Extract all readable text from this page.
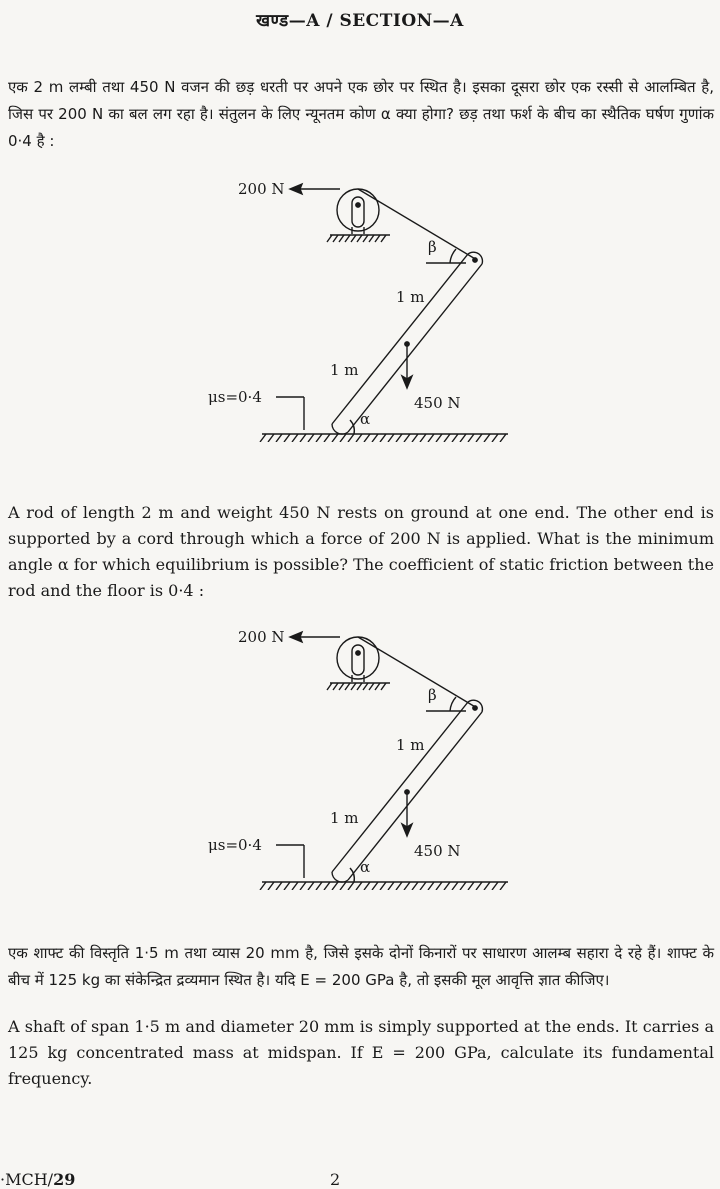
खण्ड—A / SECTION—A
एक 2 m लम्बी तथा 450 N वजन की छड़ धरती पर अपने एक छोर पर स्थित है। इसका दूसरा छोर एक रस्सी से आलम्बित है, जिस पर 200 N का बल लग रहा है। संतुलन के लिए न्यूनतम कोण α क्या होगा? छड़ तथा फर्श के बीच का स्थैतिक घर्षण गुणांक 0·4 है :
200 N
β
1 m
1 m
450 N
α
μs=0·4
A rod of length 2 m and weight 450 N rests on ground at one end. The other end is supported by a cord through which a force of 200 N is applied. What is the minimum angle α for which equilibrium is possible? The coefficient of static friction between the rod and the floor is 0·4 :
200 N
β
1 m
1 m
450 N
α
μs=0·4
एक शाफ्ट की विस्तृति 1·5 m तथा व्यास 20 mm है, जिसे इसके दोनों किनारों पर साधारण आलम्ब सहारा दे रहे हैं। शाफ्ट के बीच में 125 kg का संकेन्द्रित द्रव्यमान स्थित है। यदि E = 200 GPa है, तो इसकी मूल आवृत्ति ज्ञात कीजिए।
A shaft of span 1·5 m and diameter 20 mm is simply supported at the ends. It carries a 125 kg concentrated mass at midspan. If E = 200 GPa, calculate its fundamental frequency.
·MCH/29	2
